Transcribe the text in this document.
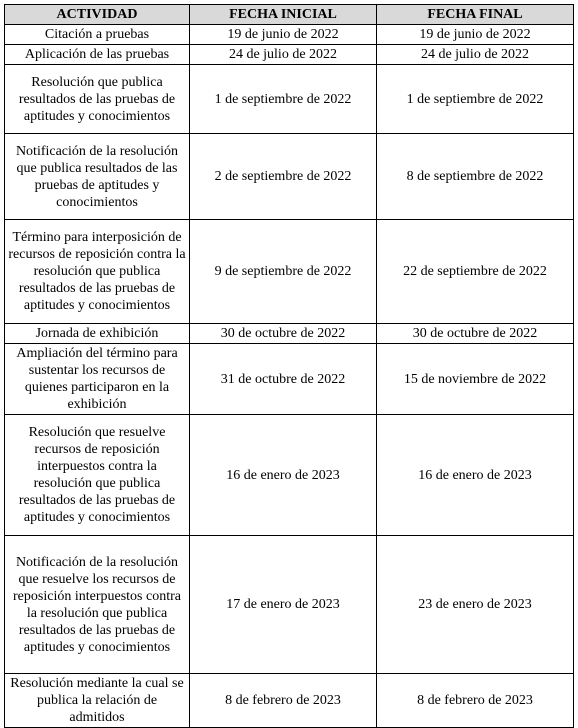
ACTIVIDAD	FECHA INICIAL	FECHA FINAL
Citación a pruebas	19 de junio de 2022	19 de junio de 2022
Aplicación de las pruebas	24 de julio de 2022	24 de julio de 2022
Resolución que publica resultados de las pruebas de aptitudes y conocimientos	1 de septiembre de 2022	1 de septiembre de 2022
Notificación de la resolución que publica resultados de las pruebas de aptitudes y conocimientos	2 de septiembre de 2022	8 de septiembre de 2022
Término para interposición de recursos de reposición contra la resolución que publica resultados de las pruebas de aptitudes y conocimientos	9 de septiembre de 2022	22 de septiembre de 2022
Jornada de exhibición	30 de octubre de 2022	30 de octubre de 2022
Ampliación del término para sustentar los recursos de quienes participaron en la exhibición	31 de octubre de 2022	15 de noviembre de 2022
Resolución que resuelve recursos de reposición interpuestos contra la resolución que publica resultados de las pruebas de aptitudes y conocimientos	16 de enero de 2023	16 de enero de 2023
Notificación de la resolución que resuelve los recursos de reposición interpuestos contra la resolución que publica resultados de las pruebas de aptitudes y conocimientos	17 de enero de 2023	23 de enero de 2023
Resolución mediante la cual se publica la relación de admitidos	8 de febrero de 2023	8 de febrero de 2023
